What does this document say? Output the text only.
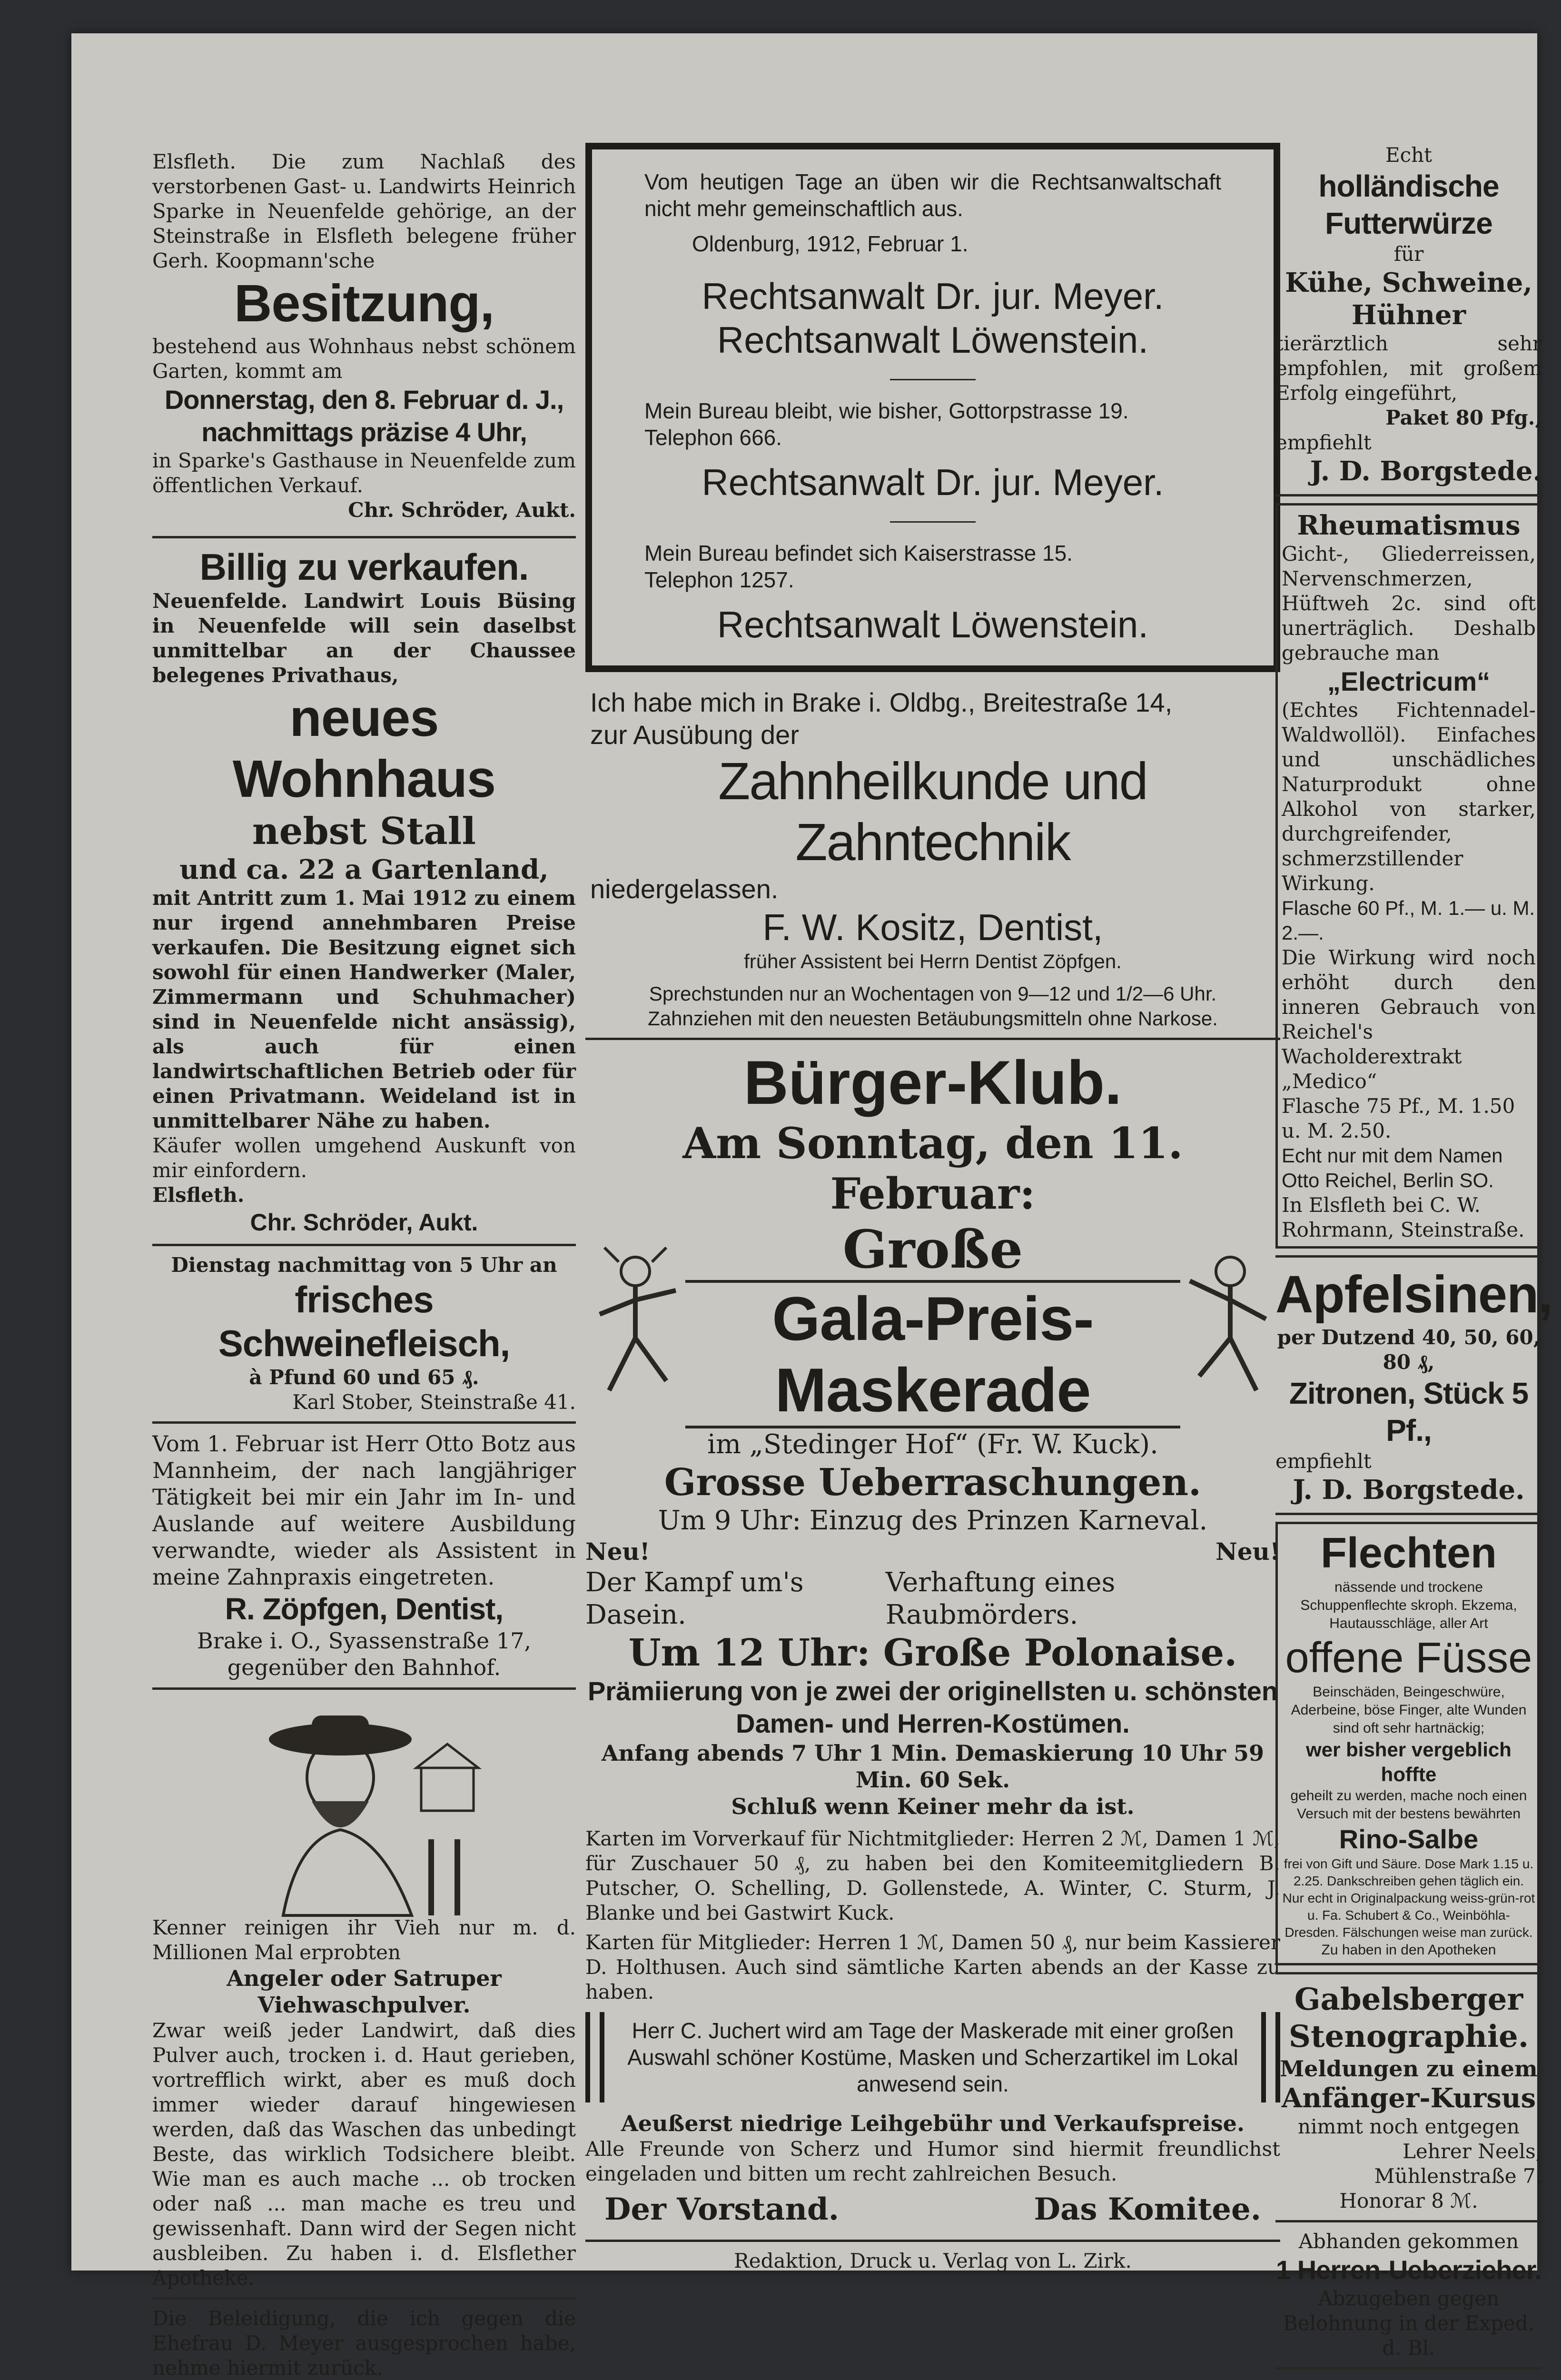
Elsfleth. Die zum Nachlaß des verstorbenen Gast- u. Landwirts Heinrich Sparke in Neuenfelde gehörige, an der Steinstraße in Elsfleth belegene früher Gerh. Koopmann'sche

Besitzung,

bestehend aus Wohnhaus nebst schönem Garten, kommt am

Donnerstag, den 8. Februar d. J., nachmittags präzise 4 Uhr,

in Sparke's Gasthause in Neuenfelde zum öffentlichen Verkauf.

Chr. Schröder, Aukt.

Billig zu verkaufen.

Neuenfelde. Landwirt Louis Büsing in Neuenfelde will sein daselbst unmittelbar an der Chaussee belegenes Privathaus,

neues Wohnhaus

nebst Stall

und ca. 22 a Gartenland,

mit Antritt zum 1. Mai 1912 zu einem nur irgend annehmbaren Preise verkaufen. Die Besitzung eignet sich sowohl für einen Handwerker (Maler, Zimmermann und Schuhmacher) sind in Neuenfelde nicht ansässig), als auch für einen landwirtschaftlichen Betrieb oder für einen Privatmann. Weideland ist in unmittelbarer Nähe zu haben.

Käufer wollen umgehend Auskunft von mir einfordern.

Elsfleth.

Chr. Schröder, Aukt.

Dienstag nachmittag von 5 Uhr an

frisches Schweinefleisch,

à Pfund 60 und 65 ₰.

Karl Stober, Steinstraße 41.

Vom 1. Februar ist Herr Otto Botz aus Mannheim, der nach langjähriger Tätigkeit bei mir ein Jahr im In- und Auslande auf weitere Ausbildung verwandte, wieder als Assistent in meine Zahnpraxis eingetreten.

R. Zöpfgen, Dentist,

Brake i. O., Syassenstraße 17, gegenüber den Bahnhof.

Kenner reinigen ihr Vieh nur m. d. Millionen Mal erprobten

Angeler oder Satruper Viehwaschpulver.

Zwar weiß jeder Landwirt, daß dies Pulver auch, trocken i. d. Haut gerieben, vortrefflich wirkt, aber es muß doch immer wieder darauf hingewiesen werden, daß das Waschen das unbedingt Beste, das wirklich Todsichere bleibt. Wie man es auch mache ... ob trocken oder naß ... man mache es treu und gewissenhaft. Dann wird der Segen nicht ausbleiben. Zu haben i. d. Elsflether Apotheke.

Die Beleidigung, die ich gegen die Ehefrau D. Meyer ausgesprochen habe, nehme hiermit zurück.

Vom heutigen Tage an üben wir die Rechtsanwaltschaft nicht mehr gemeinschaftlich aus.

Oldenburg, 1912, Februar 1.

Rechtsanwalt Dr. jur. Meyer.

Rechtsanwalt Löwenstein.

Mein Bureau bleibt, wie bisher, Gottorpstrasse 19.

Telephon 666.

Rechtsanwalt Dr. jur. Meyer.

Mein Bureau befindet sich Kaiserstrasse 15.

Telephon 1257.

Rechtsanwalt Löwenstein.

Ich habe mich in Brake i. Oldbg., Breitestraße 14,

zur Ausübung der

Zahnheilkunde und Zahntechnik

niedergelassen.

F. W. Kositz, Dentist,

früher Assistent bei Herrn Dentist Zöpfgen.

Sprechstunden nur an Wochentagen von 9—12 und 1/2—6 Uhr.

Zahnziehen mit den neuesten Betäubungsmitteln ohne Narkose.

Bürger-Klub.

Am Sonntag, den 11. Februar:

Große

Gala-Preis-Maskerade

im „Stedinger Hof“ (Fr. W. Kuck).

Grosse Ueberraschungen.

Um 9 Uhr: Einzug des Prinzen Karneval.

Neu!	Neu!
Der Kampf um's Dasein.
Verhaftung eines Raubmörders.

Um 12 Uhr: Große Polonaise.

Prämiierung von je zwei der originellsten u. schönsten

Damen- und Herren-Kostümen.

Anfang abends 7 Uhr 1 Min. Demaskierung 10 Uhr 59 Min. 60 Sek.

Schluß wenn Keiner mehr da ist.

Karten im Vorverkauf für Nichtmitglieder: Herren 2 ℳ, Damen 1 ℳ, für Zuschauer 50 ₰, zu haben bei den Komiteemitgliedern B. Putscher, O. Schelling, D. Gollenstede, A. Winter, C. Sturm, J. Blanke und bei Gastwirt Kuck.

Karten für Mitglieder: Herren 1 ℳ, Damen 50 ₰, nur beim Kassierer D. Holthusen. Auch sind sämtliche Karten abends an der Kasse zu haben.

Herr C. Juchert wird am Tage der Maskerade mit einer großen Auswahl schöner Kostüme, Masken und Scherzartikel im Lokal anwesend sein.

Aeußerst niedrige Leihgebühr und Verkaufspreise.

Alle Freunde von Scherz und Humor sind hiermit freundlichst eingeladen und bitten um recht zahlreichen Besuch.

Der Vorstand.	Das Komitee.

Redaktion, Druck u. Verlag von L. Zirk.

Echt

holländische Futterwürze

für

Kühe, Schweine, Hühner

tierärztlich sehr empfohlen, mit großem Erfolg eingeführt,

Paket 80 Pfg.,

empfiehlt

J. D. Borgstede.

Rheumatismus

Gicht-, Gliederreissen, Nervenschmerzen, Hüftweh 2c. sind oft unerträglich. Deshalb gebrauche man

„Electricum“

(Echtes Fichtennadel-Waldwollöl). Einfaches und unschädliches Naturprodukt ohne Alkohol von starker, durchgreifender, schmerzstillender Wirkung.

Flasche 60 Pf., M. 1.— u. M. 2.—.

Die Wirkung wird noch erhöht durch den inneren Gebrauch von Reichel's Wacholderextrakt „Medico“

Flasche 75 Pf., M. 1.50 u. M. 2.50.

Echt nur mit dem Namen Otto Reichel, Berlin SO.

In Elsfleth bei C. W. Rohrmann, Steinstraße.

Apfelsinen,

per Dutzend 40, 50, 60, 80 ₰,

Zitronen, Stück 5 Pf.,

empfiehlt

J. D. Borgstede.

Flechten

nässende und trockene Schuppenflechte skroph. Ekzema, Hautausschläge, aller Art

offene Füsse

Beinschäden, Beingeschwüre, Aderbeine, böse Finger, alte Wunden sind oft sehr hartnäckig;

wer bisher vergeblich hoffte

geheilt zu werden, mache noch einen Versuch mit der bestens bewährten

Rino-Salbe

frei von Gift und Säure. Dose Mark 1.15 u. 2.25. Dankschreiben gehen täglich ein. Nur echt in Originalpackung weiss-grün-rot u. Fa. Schubert & Co., Weinböhla-Dresden. Fälschungen weise man zurück.

Zu haben in den Apotheken

Gabelsberger

Stenographie.

Meldungen zu einem

Anfänger-Kursus

nimmt noch entgegen

Lehrer Neels, Mühlenstraße 7.

Honorar 8 ℳ.

Abhanden gekommen

1 Herren-Ueberzieher.

Abzugeben gegen Belohnung in der Exped. d. Bl.
